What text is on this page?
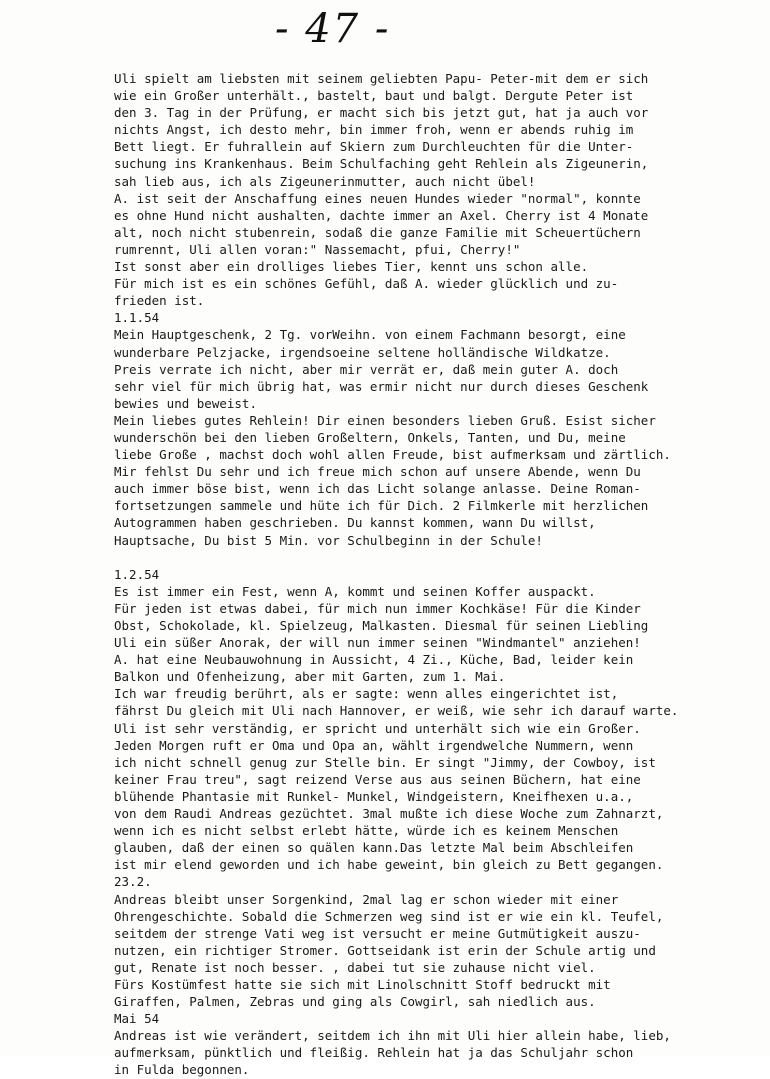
- 47 -
Uli spielt am liebsten mit seinem geliebten Papu- Peter-mit dem er sich
wie ein Großer unterhält., bastelt, baut und balgt. Dergute Peter ist
den 3. Tag in der Prüfung, er macht sich bis jetzt gut, hat ja auch vor
nichts Angst, ich desto mehr, bin immer froh, wenn er abends ruhig im
Bett liegt. Er fuhrallein auf Skiern zum Durchleuchten für die Unter-
suchung ins Krankenhaus. Beim Schulfaching geht Rehlein als Zigeunerin,
sah lieb aus, ich als Zigeunerinmutter, auch nicht übel!
A. ist seit der Anschaffung eines neuen Hundes wieder "normal", konnte
es ohne Hund nicht aushalten, dachte immer an Axel. Cherry ist 4 Monate
alt, noch nicht stubenrein, sodaß die ganze Familie mit Scheuertüchern
rumrennt, Uli allen voran:" Nassemacht, pfui, Cherry!"
Ist sonst aber ein drolliges liebes Tier, kennt uns schon alle.
Für mich ist es ein schönes Gefühl, daß A. wieder glücklich und zu-
frieden ist.
1.1.54
Mein Hauptgeschenk, 2 Tg. vorWeihn. von einem Fachmann besorgt, eine
wunderbare Pelzjacke, irgendsoeine seltene holländische Wildkatze.
Preis verrate ich nicht, aber mir verrät er, daß mein guter A. doch
sehr viel für mich übrig hat, was ermir nicht nur durch dieses Geschenk
bewies und beweist.
Mein liebes gutes Rehlein! Dir einen besonders lieben Gruß. Esist sicher
wunderschön bei den lieben Großeltern, Onkels, Tanten, und Du, meine
liebe Große , machst doch wohl allen Freude, bist aufmerksam und zärtlich.
Mir fehlst Du sehr und ich freue mich schon auf unsere Abende, wenn Du
auch immer böse bist, wenn ich das Licht solange anlasse. Deine Roman-
fortsetzungen sammele und hüte ich für Dich. 2 Filmkerle mit herzlichen
Autogrammen haben geschrieben. Du kannst kommen, wann Du willst,
Hauptsache, Du bist 5 Min. vor Schulbeginn in der Schule!
1.2.54
Es ist immer ein Fest, wenn A, kommt und seinen Koffer auspackt.
Für jeden ist etwas dabei, für mich nun immer Kochkäse! Für die Kinder
Obst, Schokolade, kl. Spielzeug, Malkasten. Diesmal für seinen Liebling
Uli ein süßer Anorak, der will nun immer seinen "Windmantel" anziehen!
A. hat eine Neubauwohnung in Aussicht, 4 Zi., Küche, Bad, leider kein
Balkon und Ofenheizung, aber mit Garten, zum 1. Mai.
Ich war freudig berührt, als er sagte: wenn alles eingerichtet ist,
fährst Du gleich mit Uli nach Hannover, er weiß, wie sehr ich darauf warte.
Uli ist sehr verständig, er spricht und unterhält sich wie ein Großer.
Jeden Morgen ruft er Oma und Opa an, wählt irgendwelche Nummern, wenn
ich nicht schnell genug zur Stelle bin. Er singt "Jimmy, der Cowboy, ist
keiner Frau treu", sagt reizend Verse aus aus seinen Büchern, hat eine
blühende Phantasie mit Runkel- Munkel, Windgeistern, Kneifhexen u.a.,
von dem Raudi Andreas gezüchtet. 3mal mußte ich diese Woche zum Zahnarzt,
wenn ich es nicht selbst erlebt hätte, würde ich es keinem Menschen
glauben, daß der einen so quälen kann.Das letzte Mal beim Abschleifen
ist mir elend geworden und ich habe geweint, bin gleich zu Bett gegangen.
23.2.
Andreas bleibt unser Sorgenkind, 2mal lag er schon wieder mit einer
Ohrengeschichte. Sobald die Schmerzen weg sind ist er wie ein kl. Teufel,
seitdem der strenge Vati weg ist versucht er meine Gutmütigkeit auszu-
nutzen, ein richtiger Stromer. Gottseidank ist erin der Schule artig und
gut, Renate ist noch besser. , dabei tut sie zuhause nicht viel.
Fürs Kostümfest hatte sie sich mit Linolschnitt Stoff bedruckt mit
Giraffen, Palmen, Zebras und ging als Cowgirl, sah niedlich aus.
Mai 54
Andreas ist wie verändert, seitdem ich ihn mit Uli hier allein habe, lieb,
aufmerksam, pünktlich und fleißig. Rehlein hat ja das Schuljahr schon
in Fulda begonnen.
